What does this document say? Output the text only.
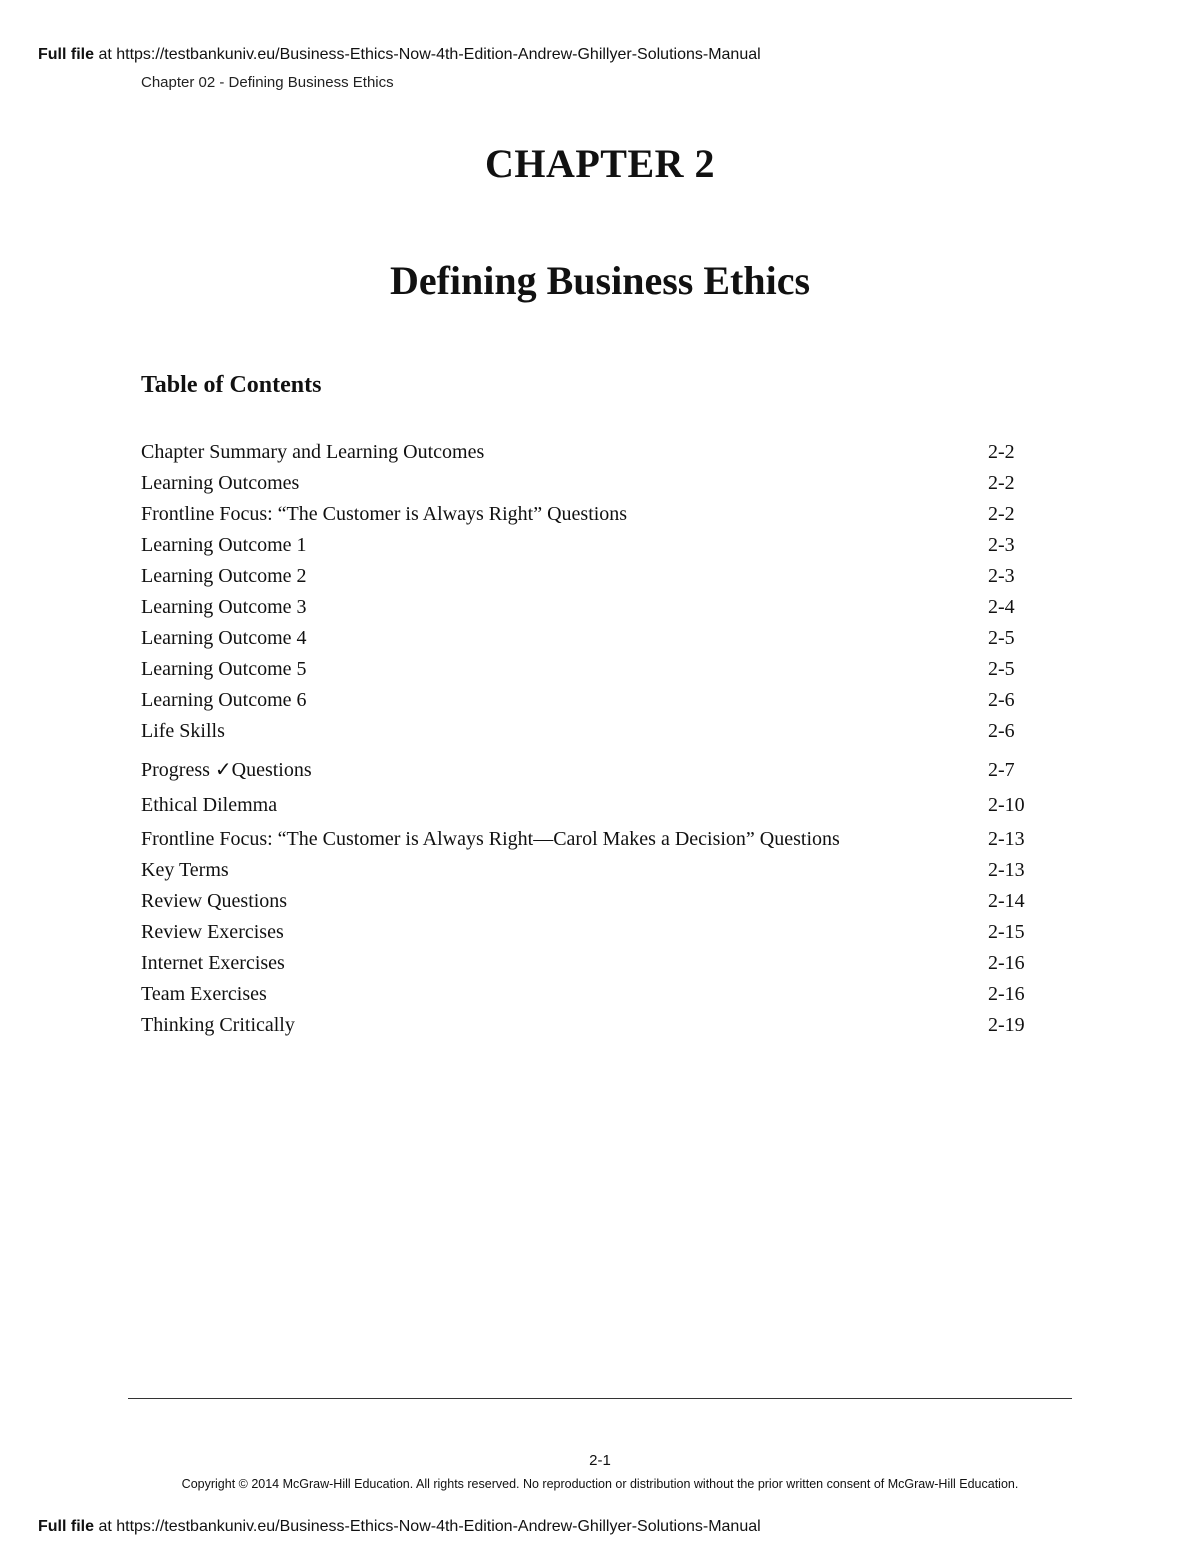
Full file at https://testbankuniv.eu/Business-Ethics-Now-4th-Edition-Andrew-Ghillyer-Solutions-Manual
Chapter 02 - Defining Business Ethics
CHAPTER 2
Defining Business Ethics
Table of Contents
Chapter Summary and Learning Outcomes	2-2
Learning Outcomes	2-2
Frontline Focus: “The Customer is Always Right” Questions	2-2
Learning Outcome 1	2-3
Learning Outcome 2	2-3
Learning Outcome 3	2-4
Learning Outcome 4	2-5
Learning Outcome 5	2-5
Learning Outcome 6	2-6
Life Skills	2-6
Progress ✓Questions	2-7
Ethical Dilemma	2-10
Frontline Focus: “The Customer is Always Right—Carol Makes a Decision” Questions	2-13
Key Terms	2-13
Review Questions	2-14
Review Exercises	2-15
Internet Exercises	2-16
Team Exercises	2-16
Thinking Critically	2-19
2-1
Copyright © 2014 McGraw-Hill Education. All rights reserved. No reproduction or distribution without the prior written consent of McGraw-Hill Education.
Full file at https://testbankuniv.eu/Business-Ethics-Now-4th-Edition-Andrew-Ghillyer-Solutions-Manual
